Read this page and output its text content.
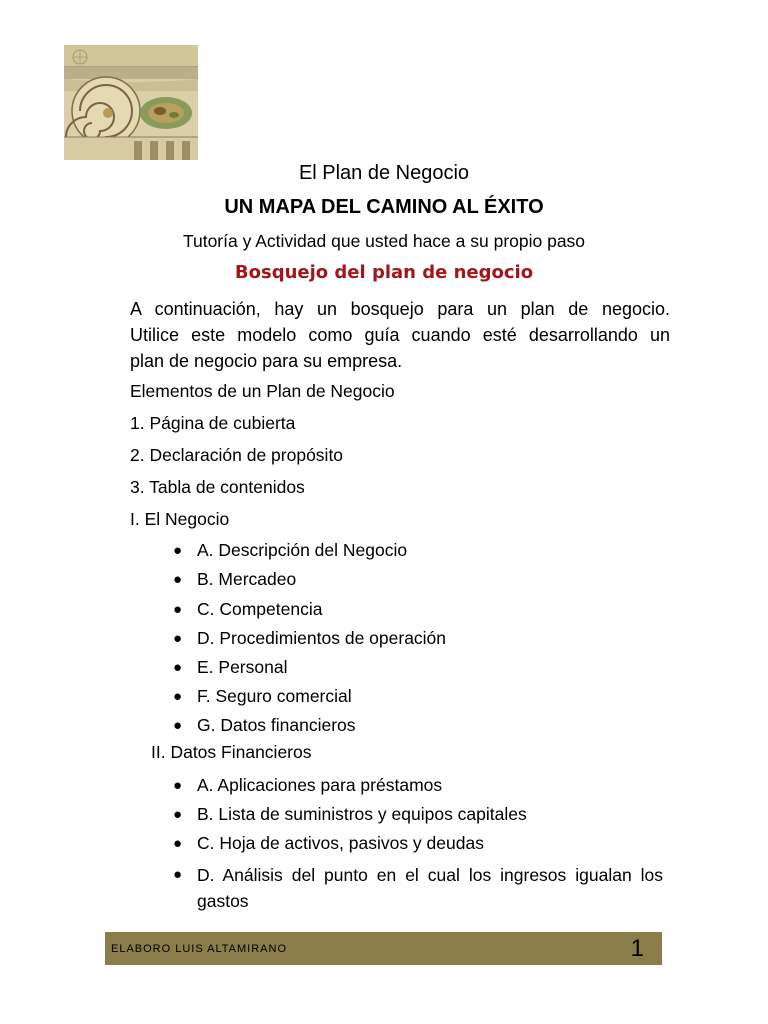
El Plan de Negocio
UN MAPA DEL CAMINO AL ÉXITO
Tutoría y Actividad que usted hace a su propio paso
Bosquejo del plan de negocio
A continuación, hay un bosquejo para un plan de negocio.
Utilice este modelo como guía cuando esté desarrollando un
plan de negocio para su empresa.
Elementos de un Plan de Negocio
1. Página de cubierta
2. Declaración de propósito
3. Tabla de contenidos
I. El Negocio
● A. Descripción del Negocio
● B. Mercadeo
● C. Competencia
● D. Procedimientos de operación
● E. Personal
● F. Seguro comercial
● G. Datos financieros
II. Datos Financieros
● A. Aplicaciones para préstamos
● B. Lista de suministros y equipos capitales
● C. Hoja de activos, pasivos y deudas
● D. Análisis del punto en el cual los ingresos igualan los gastos
ELABORO LUIS ALTAMIRANO	1
